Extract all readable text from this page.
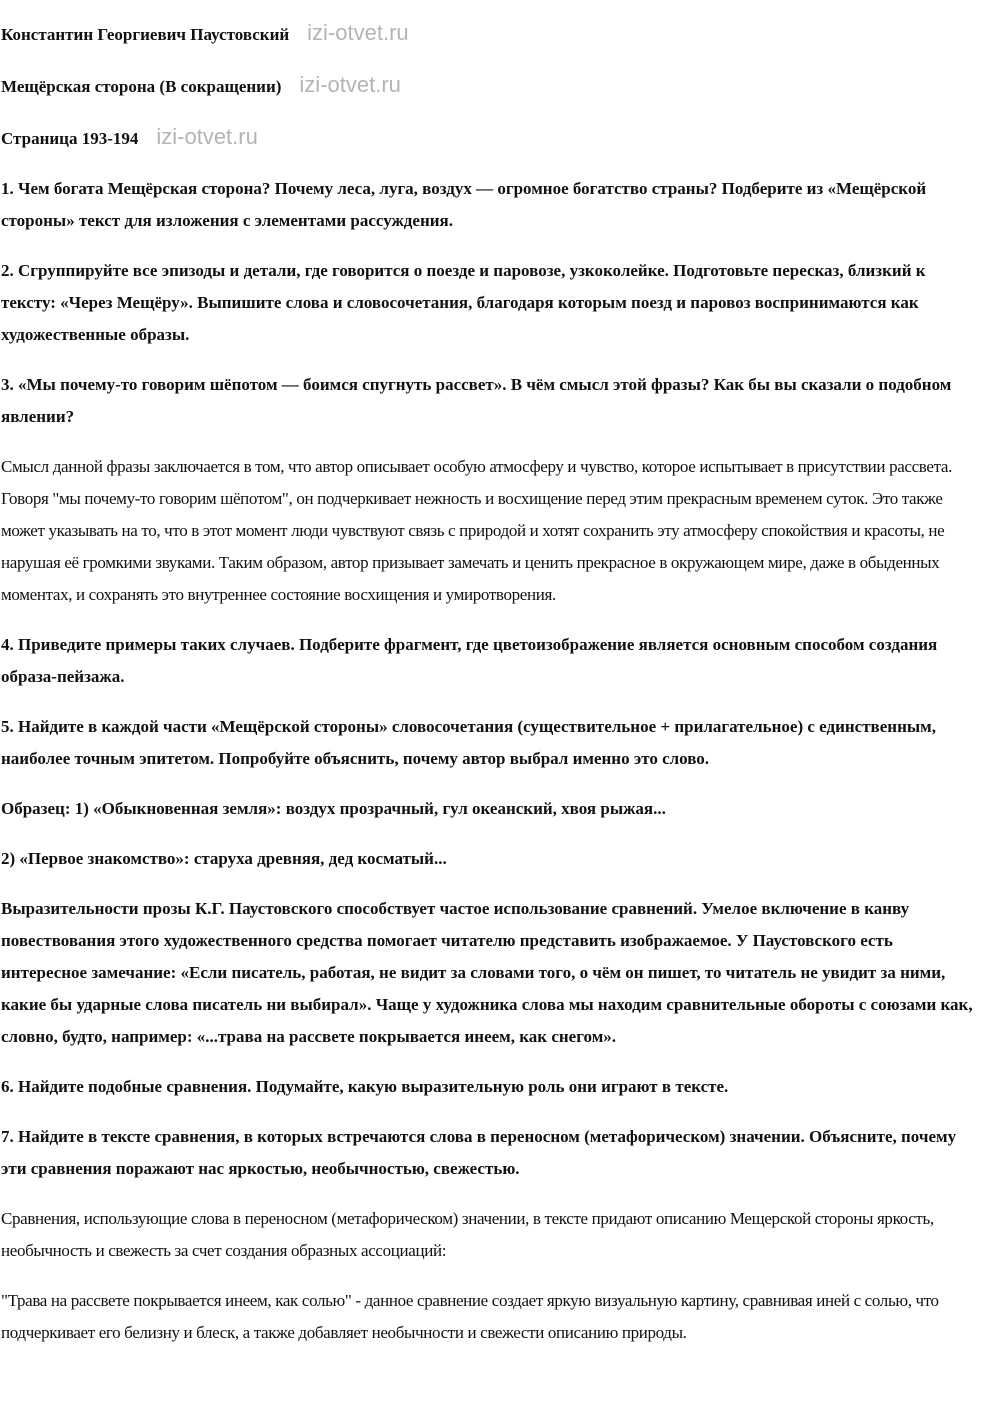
Константин Георгиевич Паустовский izi-otvet.ru

Мещёрская сторона (В сокращении) izi-otvet.ru

Страница 193-194 izi-otvet.ru

1. Чем богата Мещёрская сторона? Почему леса, луга, воздух — огромное богатство страны? Подберите из «Мещёрской стороны» текст для изложения с элементами рассуждения.

2. Сгруппируйте все эпизоды и детали, где говорится о поезде и паровозе, узкоколейке. Подготовьте пересказ, близкий к тексту: «Через Мещёру». Выпишите слова и словосочетания, благодаря которым поезд и паровоз воспринимаются как художественные образы.

3. «Мы почему-то говорим шёпотом — боимся спугнуть рассвет». В чём смысл этой фразы? Как бы вы сказали о подобном явлении?

Смысл данной фразы заключается в том, что автор описывает особую атмосферу и чувство, которое испытывает в присутствии рассвета. Говоря "мы почему-то говорим шёпотом", он подчеркивает нежность и восхищение перед этим прекрасным временем суток. Это также может указывать на то, что в этот момент люди чувствуют связь с природой и хотят сохранить эту атмосферу спокойствия и красоты, не нарушая её громкими звуками. Таким образом, автор призывает замечать и ценить прекрасное в окружающем мире, даже в обыденных моментах, и сохранять это внутреннее состояние восхищения и умиротворения.

4. Приведите примеры таких случаев. Подберите фрагмент, где цветоизображение является основным способом создания образа-пейзажа.

5. Найдите в каждой части «Мещёрской стороны» словосочетания (существительное + прилагательное) с единственным, наиболее точным эпитетом. Попробуйте объяснить, почему автор выбрал именно это слово.

Образец: 1) «Обыкновенная земля»: воздух прозрачный, гул океанский, хвоя рыжая...

2) «Первое знакомство»: старуха древняя, дед косматый...

Выразительности прозы К.Г. Паустовского способствует частое использование сравнений. Умелое включение в канву повествования этого художественного средства помогает читателю представить изображаемое. У Паустовского есть интересное замечание: «Если писатель, работая, не видит за словами того, о чём он пишет, то читатель не увидит за ними, какие бы ударные слова писатель ни выбирал». Чаще у художника слова мы находим сравнительные обороты с союзами как, словно, будто, например: «...трава на рассвете покрывается инеем, как снегом».

6. Найдите подобные сравнения. Подумайте, какую выразительную роль они играют в тексте.

7. Найдите в тексте сравнения, в которых встречаются слова в переносном (метафорическом) значении. Объясните, почему эти сравнения поражают нас яркостью, необычностью, свежестью.

Сравнения, использующие слова в переносном (метафорическом) значении, в тексте придают описанию Мещерской стороны яркость, необычность и свежесть за счет создания образных ассоциаций:

"Трава на рассвете покрывается инеем, как солью" - данное сравнение создает яркую визуальную картину, сравнивая иней с солью, что подчеркивает его белизну и блеск, а также добавляет необычности и свежести описанию природы.
